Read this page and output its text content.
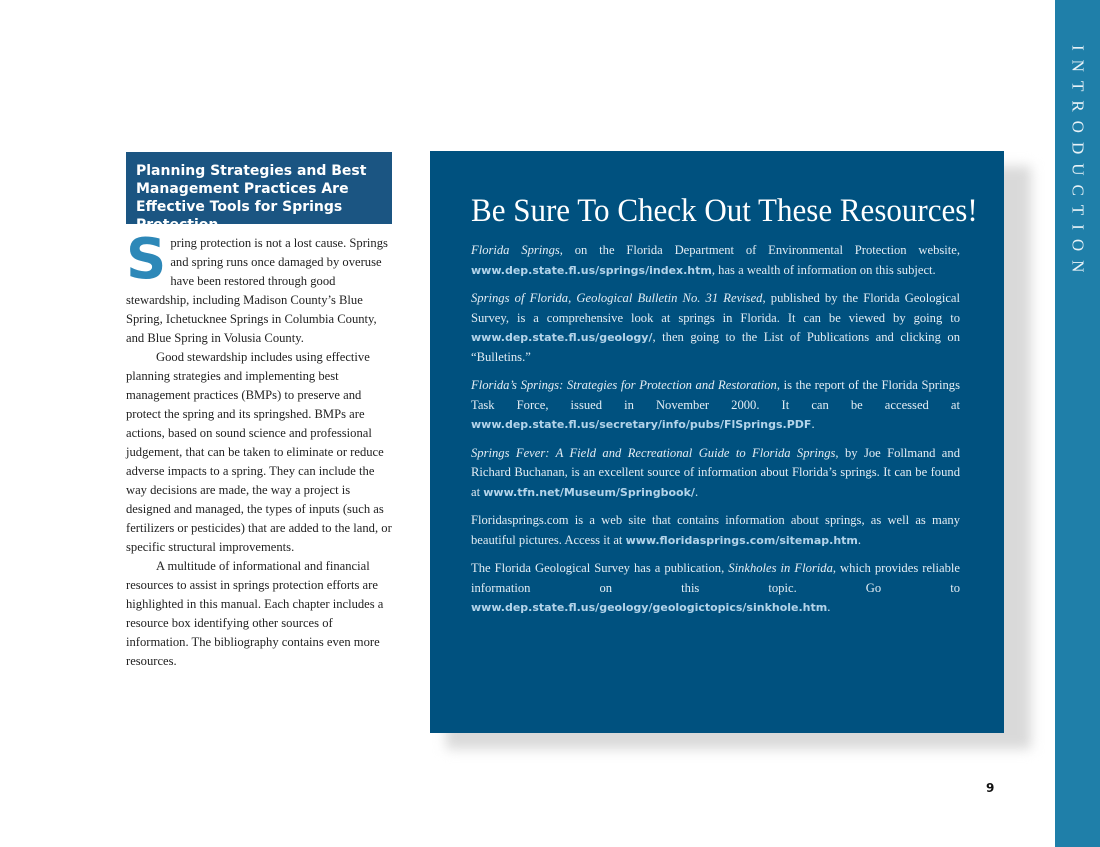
INTRODUCTION
Planning Strategies and Best Management Practices Are Effective Tools for Springs Protection

Spring protection is not a lost cause. Springs and spring runs once damaged by overuse have been restored through good stewardship, including Madison County’s Blue Spring, Ichetucknee Springs in Columbia County, and Blue Spring in Volusia County.

Good stewardship includes using effective planning strategies and implementing best management practices (BMPs) to preserve and protect the spring and its springshed. BMPs are actions, based on sound science and professional judgement, that can be taken to eliminate or reduce adverse impacts to a spring. They can include the way decisions are made, the way a project is designed and managed, the types of inputs (such as fertilizers or pesticides) that are added to the land, or specific structural improvements.

A multitude of informational and financial resources to assist in springs protection efforts are highlighted in this manual. Each chapter includes a resource box identifying other sources of information. The bibliography contains even more resources.

Be Sure To Check Out These Resources!

Florida Springs, on the Florida Department of Environmental Protection website, www.dep.state.fl.us/springs/index.htm, has a wealth of information on this subject.

Springs of Florida, Geological Bulletin No. 31 Revised, published by the Florida Geological Survey, is a comprehensive look at springs in Florida. It can be viewed by going to www.dep.state.fl.us/geology/, then going to the List of Publications and clicking on “Bulletins.”

Florida’s Springs: Strategies for Protection and Restoration, is the report of the Florida Springs Task Force, issued in November 2000. It can be accessed at www.dep.state.fl.us/secretary/info/pubs/FlSprings.PDF.

Springs Fever: A Field and Recreational Guide to Florida Springs, by Joe Follmand and Richard Buchanan, is an excellent source of information about Florida’s springs. It can be found at www.tfn.net/Museum/Springbook/.

Floridasprings.com is a web site that contains information about springs, as well as many beautiful pictures. Access it at www.floridasprings.com/sitemap.htm.

The Florida Geological Survey has a publication, Sinkholes in Florida, which provides reliable information on this topic. Go to www.dep.state.fl.us/geology/geologictopics/sinkhole.htm.

9
